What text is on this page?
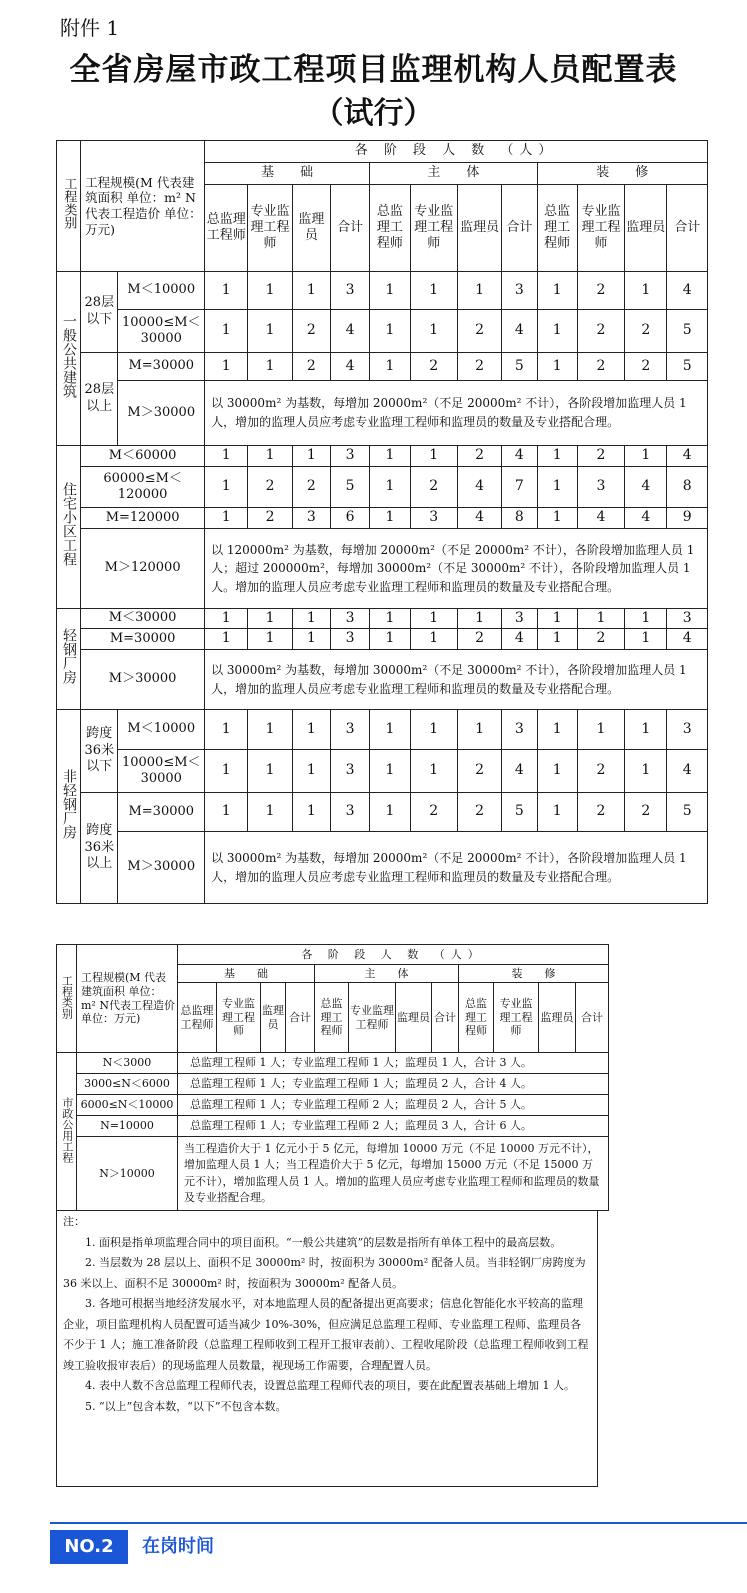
附件 1
全省房屋市政工程项目监理机构人员配置表
（试行）
工程类别	工程规模(M 代表建筑面积 单位：m² N代表工程造价 单位：万元)		各 阶 段 人 数 （人）											
			基　　础				主　　体				装　　修			
			总监理工程师	专业监理工程师	监理员	合计	总监理工程师	专业监理工程师	监理员	合计	总监理工程师	专业监理工程师	监理员	合计
一般公共建筑	28层以下	M＜10000	1	1	1	3	1	1	1	3	1	2	1	4
		10000≤M＜30000	1	1	2	4	1	1	2	4	1	2	2	5
	28层以上	M=30000	1	1	2	4	1	2	2	5	1	2	2	5
		M＞30000	以 30000m² 为基数，每增加 20000m²（不足 20000m² 不计），各阶段增加监理人员 1 人，增加的监理人员应考虑专业监理工程师和监理员的数量及专业搭配合理。											
住宅小区工程	M＜60000		1	1	1	3	1	1	2	4	1	2	1	4
	60000≤M＜120000		1	2	2	5	1	2	4	7	1	3	4	8
	M=120000		1	2	3	6	1	3	4	8	1	4	4	9
	M＞120000		以 120000m² 为基数，每增加 20000m²（不足 20000m² 不计），各阶段增加监理人员 1 人；超过 200000m²，每增加 30000m²（不足 30000m² 不计），各阶段增加监理人员 1 人。增加的监理人员应考虑专业监理工程师和监理员的数量及专业搭配合理。											
轻钢厂房	M＜30000		1	1	1	3	1	1	1	3	1	1	1	3
	M=30000		1	1	1	3	1	1	2	4	1	2	1	4
	M＞30000		以 30000m² 为基数，每增加 30000m²（不足 30000m² 不计），各阶段增加监理人员 1 人，增加的监理人员应考虑专业监理工程师和监理员的数量及专业搭配合理。											
非轻钢厂房	跨度36米以下	M＜10000	1	1	1	3	1	1	1	3	1	1	1	3
		10000≤M＜30000	1	1	1	3	1	1	2	4	1	2	1	4
	跨度36米以上	M=30000	1	1	1	3	1	2	2	5	1	2	2	5
		M＞30000	以 30000m² 为基数，每增加 20000m²（不足 20000m² 不计），各阶段增加监理人员 1 人，增加的监理人员应考虑专业监理工程师和监理员的数量及专业搭配合理。											
工程类别	工程规模(M 代表建筑面积 单位：m² N代表工程造价 单位：万元)	各 阶 段 人 数 （人）											
		基　　础				主　　体				装　　修			
		总监理工程师	专业监理工程师	监理员	合计	总监理工程师	专业监理工程师	监理员	合计	总监理工程师	专业监理工程师	监理员	合计
市政公用工程	N＜3000	总监理工程师 1 人；专业监理工程师 1 人；监理员 1 人，合计 3 人。											
	3000≤N＜6000	总监理工程师 1 人；专业监理工程师 1 人；监理员 2 人，合计 4 人。											
	6000≤N＜10000	总监理工程师 1 人；专业监理工程师 2 人；监理员 2 人，合计 5 人。											
	N=10000	总监理工程师 1 人；专业监理工程师 2 人；监理员 3 人，合计 6 人。											
	N＞10000	当工程造价大于 1 亿元小于 5 亿元，每增加 10000 万元（不足 10000 万元不计），增加监理人员 1 人；当工程造价大于 5 亿元，每增加 15000 万元（不足 15000 万元不计），增加监理人员 1 人。增加的监理人员应考虑专业监理工程师和监理员的数量及专业搭配合理。											

注：

1. 面积是指单项监理合同中的项目面积。“一般公共建筑”的层数是指所有单体工程中的最高层数。

2. 当层数为 28 层以上、面积不足 30000m² 时，按面积为 30000m² 配备人员。当非轻钢厂房跨度为 36 米以上、面积不足 30000m² 时，按面积为 30000m² 配备人员。

3. 各地可根据当地经济发展水平，对本地监理人员的配备提出更高要求；信息化智能化水平较高的监理企业，项目监理机构人员配置可适当减少 10%-30%，但应满足总监理工程师、专业监理工程师、监理员各不少于 1 人；施工准备阶段（总监理工程师收到工程开工报审表前）、工程收尾阶段（总监理工程师收到工程竣工验收报审表后）的现场监理人员数量，视现场工作需要，合理配置人员。

4. 表中人数不含总监理工程师代表，设置总监理工程师代表的项目，要在此配置表基础上增加 1 人。

5. “以上”包含本数，“以下”不包含本数。

NO.2	在岗时间
